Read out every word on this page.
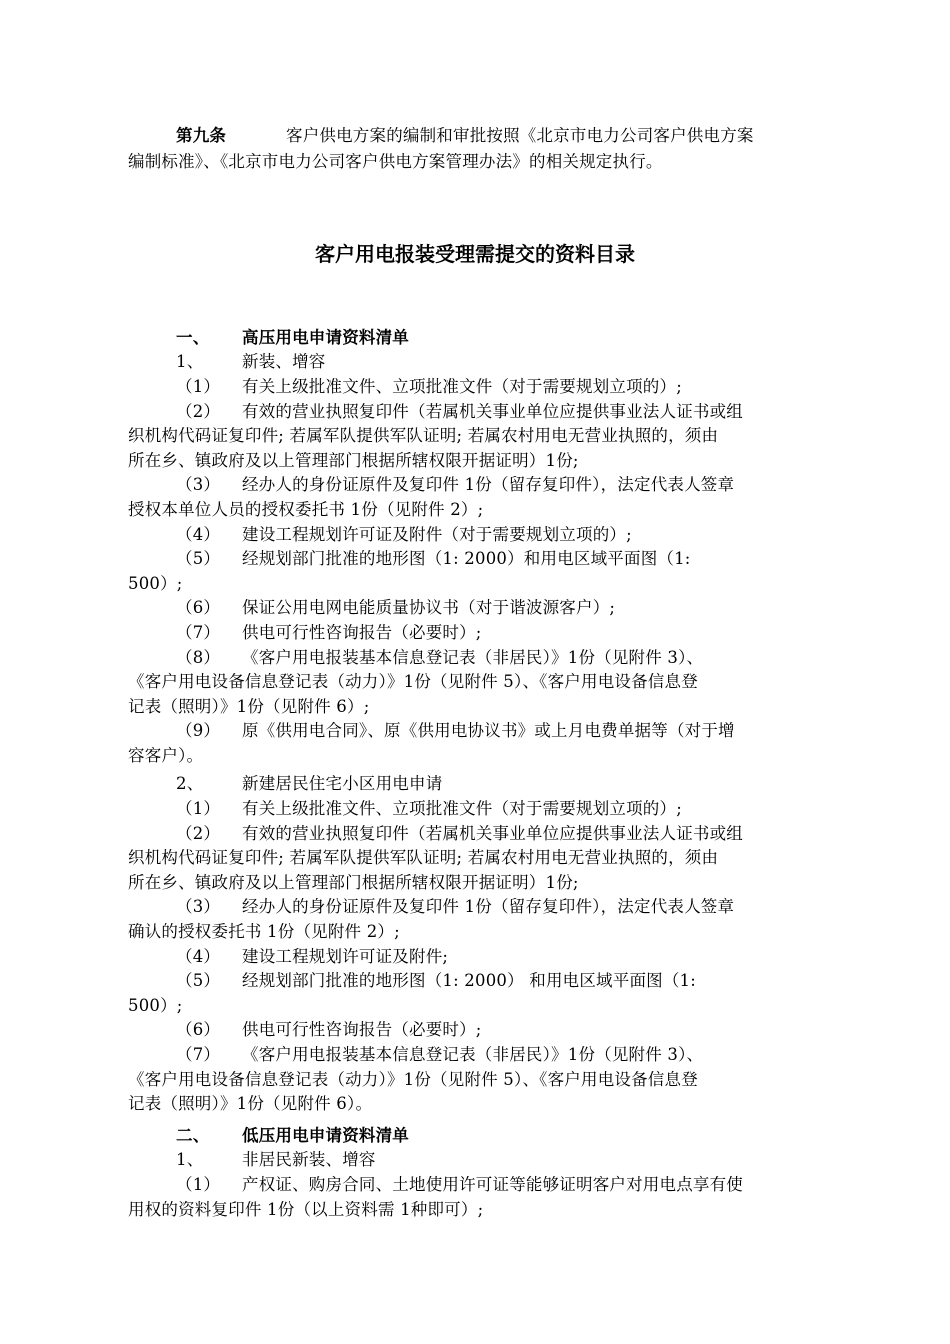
第九条	客户供电方案的编制和审批按照《北京市电力公司客户供电方案
编制标准》、《北京市电力公司客户供电方案管理办法》的相关规定执行。
客户用电报装受理需提交的资料目录
一、 高压用电申请资料清单
1、 新装、增容
（1） 有关上级批准文件、立项批准文件（对于需要规划立项的）;
（2） 有效的营业执照复印件（若属机关事业单位应提供事业法人证书或组
织机构代码证复印件; 若属军队提供军队证明; 若属农村用电无营业执照的，须由
所在乡、镇政府及以上管理部门根据所辖权限开据证明）1份;
（3） 经办人的身份证原件及复印件 1份（留存复印件），法定代表人签章
授权本单位人员的授权委托书 1份（见附件 2）;
（4） 建设工程规划许可证及附件（对于需要规划立项的）;
（5） 经规划部门批准的地形图（1: 2000）和用电区域平面图（1:
500）;
（6） 保证公用电网电能质量协议书（对于谐波源客户）;
（7） 供电可行性咨询报告（必要时）;
（8） 《客户用电报装基本信息登记表（非居民）》1份（见附件 3）、
《客户用电设备信息登记表（动力）》1份（见附件 5）、《客户用电设备信息登
记表（照明）》1份（见附件 6）;
（9） 原《供用电合同》、原《供用电协议书》或上月电费单据等（对于增
容客户）。
2、 新建居民住宅小区用电申请
（1） 有关上级批准文件、立项批准文件（对于需要规划立项的）;
（2） 有效的营业执照复印件（若属机关事业单位应提供事业法人证书或组
织机构代码证复印件; 若属军队提供军队证明; 若属农村用电无营业执照的，须由
所在乡、镇政府及以上管理部门根据所辖权限开据证明）1份;
（3） 经办人的身份证原件及复印件 1份（留存复印件），法定代表人签章
确认的授权委托书 1份（见附件 2）;
（4） 建设工程规划许可证及附件;
（5） 经规划部门批准的地形图（1: 2000） 和用电区域平面图（1:
500）;
（6） 供电可行性咨询报告（必要时）;
（7） 《客户用电报装基本信息登记表（非居民）》1份（见附件 3）、
《客户用电设备信息登记表（动力）》1份（见附件 5）、《客户用电设备信息登
记表（照明）》1份（见附件 6）。
二、 低压用电申请资料清单
1、 非居民新装、增容
（1） 产权证、购房合同、土地使用许可证等能够证明客户对用电点享有使
用权的资料复印件 1份（以上资料需 1种即可）;
